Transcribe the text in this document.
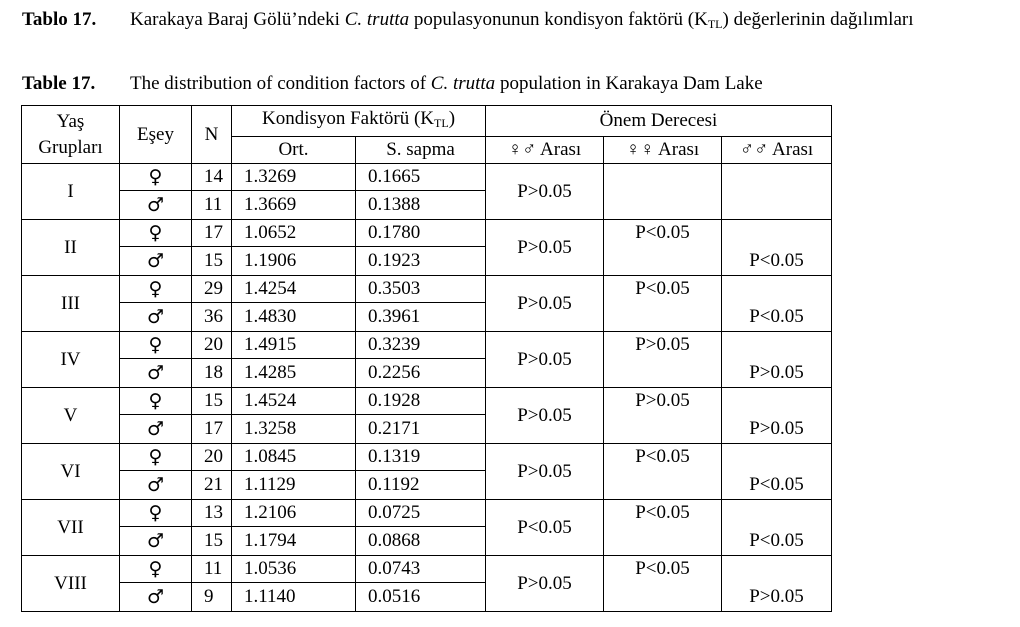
Tablo 17. Karakaya Baraj Gölü’ndeki C. trutta populasyonunun kondisyon faktörü $(K_{TL})$ değerlerinin dağılımları
Table 17. The distribution of condition factors of C. trutta population in Karakaya Dam Lake
Yaş
Grupları	Eşey	N	Kondisyon Faktörü $(K_{TL})$		Önem Derecesi		
			Ort.	S. sapma	♀♂ Arası	♀♀ Arası	♂♂ Arası
I	♀	14	1.3269	0.1665	P>0.05		
	♂	11	1.3669	0.1388			
II	♀	17	1.0652	0.1780	P>0.05	P<0.05	
	♂	15	1.1906	0.1923			P<0.05
III	♀	29	1.4254	0.3503	P>0.05	P<0.05	
	♂	36	1.4830	0.3961			P<0.05
IV	♀	20	1.4915	0.3239	P>0.05	P>0.05	
	♂	18	1.4285	0.2256			P>0.05
V	♀	15	1.4524	0.1928	P>0.05	P>0.05	
	♂	17	1.3258	0.2171			P>0.05
VI	♀	20	1.0845	0.1319	P>0.05	P<0.05	
	♂	21	1.1129	0.1192			P<0.05
VII	♀	13	1.2106	0.0725	P<0.05	P<0.05	
	♂	15	1.1794	0.0868			P<0.05
VIII	♀	11	1.0536	0.0743	P>0.05	P<0.05	
	♂	9	1.1140	0.0516			P>0.05
